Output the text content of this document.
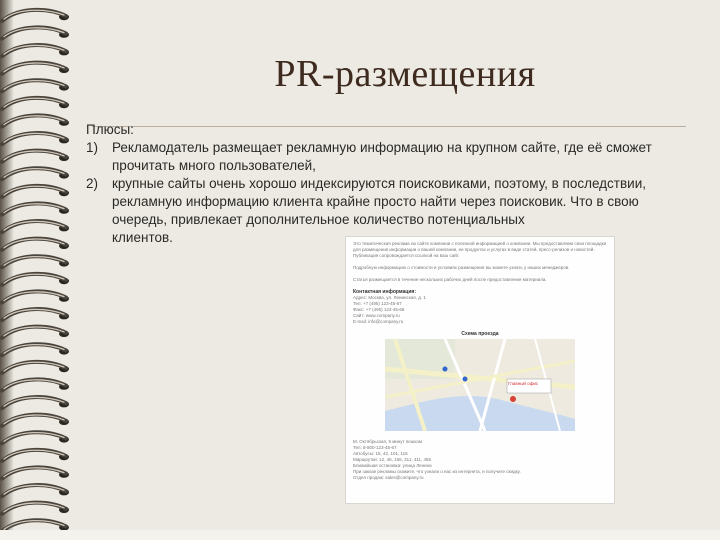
PR-размещения
Плюсы:
1) Рекламодатель размещает рекламную информацию на крупном сайте, где её сможет прочитать много пользователей,
2) крупные сайты очень хорошо индексируются поисковиками, поэтому, в последствии, рекламную информацию клиента крайне просто найти через поисковик. Что в свою очередь, привлекает дополнительное количество потенциальных
клиентов.	Это тематическая реклама на сайте компании с полезной информацией о компании. Мы предоставляем свои площадки для размещения информации о вашей компании, ее продуктах и услугах в виде статей, пресс-релизов и новостей. Публикация сопровождается ссылкой на ваш сайт.
Подробную информацию о стоимости и условиях размещения вы можете узнать у наших менеджеров.
Статья размещается в течение нескольких рабочих дней после предоставления материала.
Контактная информация:
Адрес: Москва, ул. Ленинская, д. 1
Тел: +7 (495) 123-45-67
Факс: +7 (495) 123-45-68
Сайт: www.company.ru
E-mail: info@company.ru
Схема проезда
Главный офис
М. Октябрьская, 5 минут пешком
Тел: 8-800-123-45-67
Автобусы: 15, 42, 101, 115
Маршрутки: 12, 45, 155, 311, 411, 455
Ближайшая остановка: улица Ленина
При заказе рекламы скажите, что узнали о нас из интернета, и получите скидку.
Отдел продаж: sales@company.ru
